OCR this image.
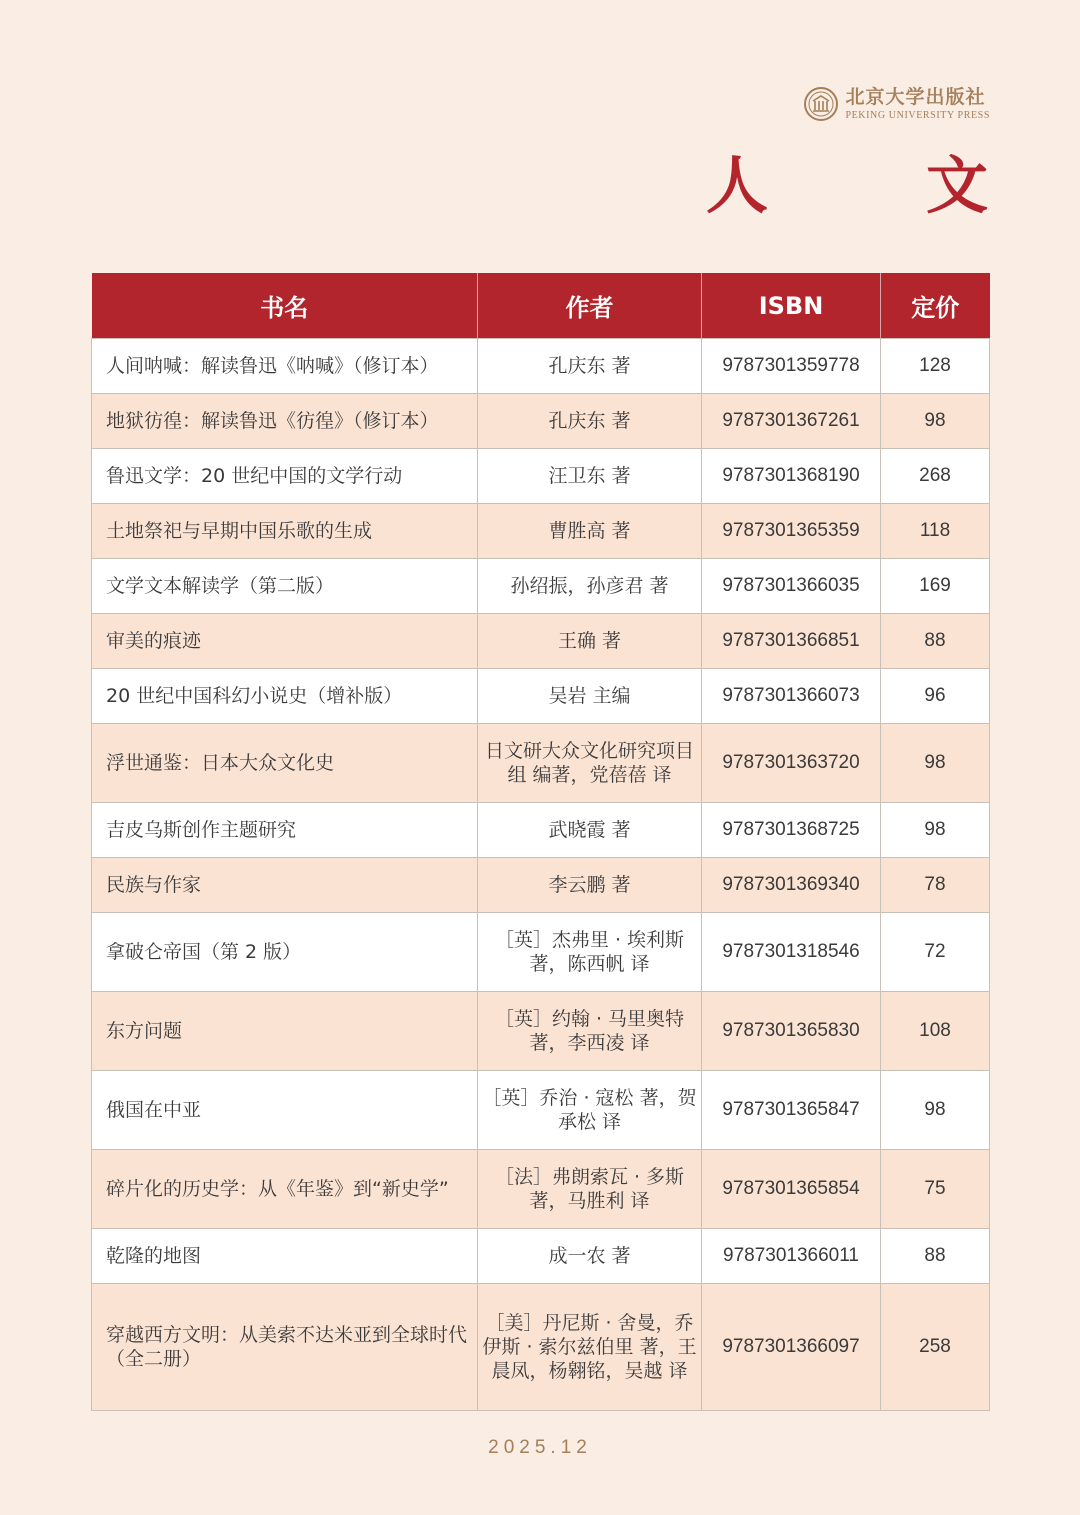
北京大学出版社
PEKING UNIVERSITY PRESS
人　文
书名	作者	ISBN	定价
人间呐喊：解读鲁迅《呐喊》（修订本）	孔庆东 著	9787301359778	128
地狱彷徨：解读鲁迅《彷徨》（修订本）	孔庆东 著	9787301367261	98
鲁迅文学：20 世纪中国的文学行动	汪卫东 著	9787301368190	268
土地祭祀与早期中国乐歌的生成	曹胜高 著	9787301365359	118
文学文本解读学（第二版）	孙绍振，孙彦君 著	9787301366035	169
审美的痕迹	王确 著	9787301366851	88
20 世纪中国科幻小说史（增补版）	吴岩 主编	9787301366073	96
浮世通鉴：日本大众文化史	日文研大众文化研究项目组 编著，党蓓蓓 译	9787301363720	98
吉皮乌斯创作主题研究	武晓霞 著	9787301368725	98
民族与作家	李云鹏 著	9787301369340	78
拿破仑帝国（第 2 版）	［英］杰弗里 · 埃利斯 著，陈西帆 译	9787301318546	72
东方问题	［英］约翰 · 马里奥特 著，李西凌 译	9787301365830	108
俄国在中亚	［英］乔治 · 寇松 著，贺承松 译	9787301365847	98
碎片化的历史学：从《年鉴》到“新史学”	［法］弗朗索瓦 · 多斯 著，马胜利 译	9787301365854	75
乾隆的地图	成一农 著	9787301366011	88
穿越西方文明：从美索不达米亚到全球时代（全二册）	［美］丹尼斯 · 舍曼，乔伊斯 · 索尔兹伯里 著，王晨凤，杨翱铭，吴越 译	9787301366097	258
2025.12
